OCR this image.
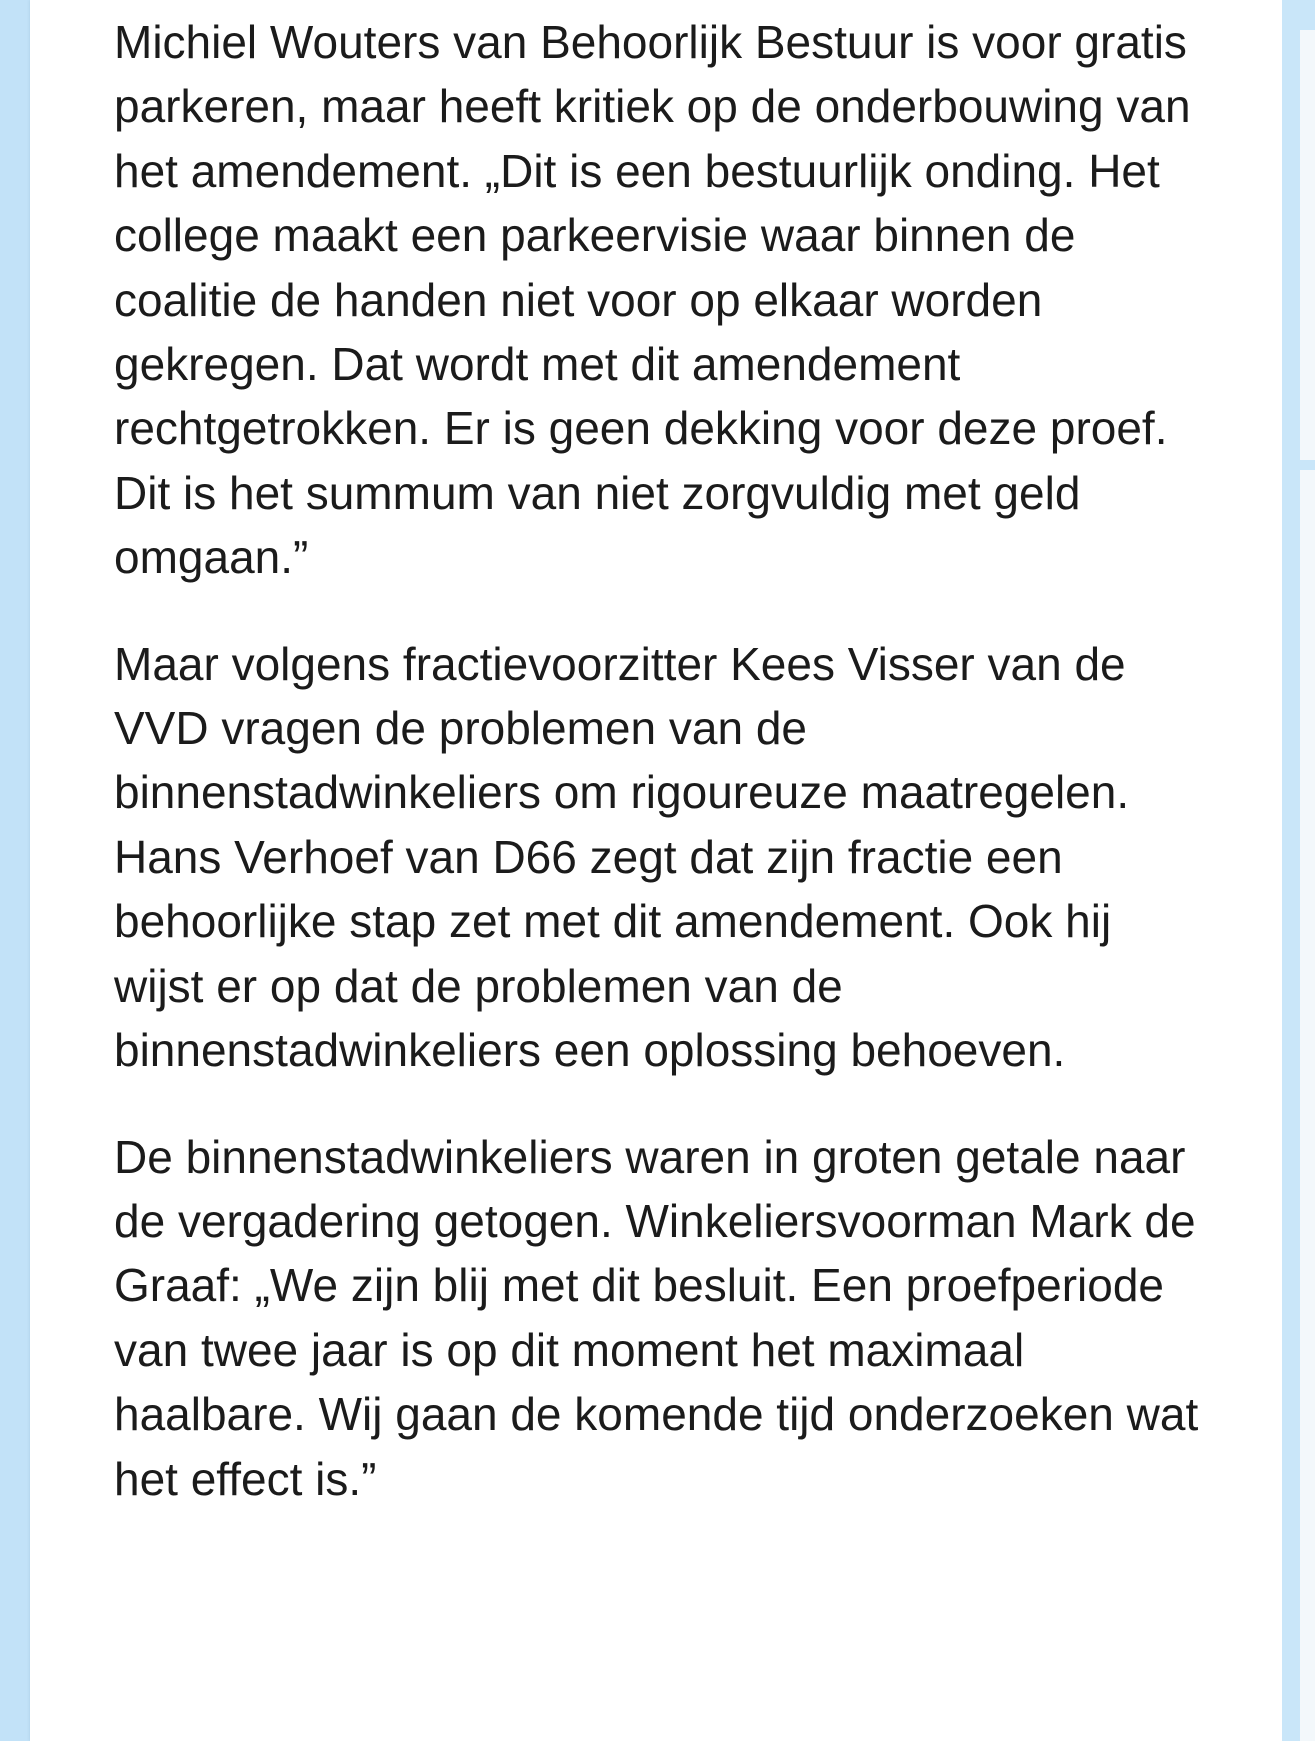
Michiel Wouters van Behoorlijk Bestuur is voor gratis parkeren, maar heeft kritiek op de onderbouwing van het amendement. „Dit is een bestuurlijk onding. Het college maakt een parkeervisie waar binnen de coalitie de handen niet voor op elkaar worden gekregen. Dat wordt met dit amendement rechtgetrokken. Er is geen dekking voor deze proef. Dit is het summum van niet zorgvuldig met geld omgaan.”

Maar volgens fractievoorzitter Kees Visser van de VVD vragen de problemen van de binnenstadwinkeliers om rigoureuze maatregelen. Hans Verhoef van D66 zegt dat zijn fractie een behoorlijke stap zet met dit amendement. Ook hij wijst er op dat de problemen van de binnenstadwinkeliers een oplossing behoeven.

De binnenstadwinkeliers waren in groten getale naar de vergadering getogen. Winkeliersvoorman Mark de Graaf: „We zijn blij met dit besluit. Een proefperiode van twee jaar is op dit moment het maximaal haalbare. Wij gaan de komende tijd onderzoeken wat het effect is.”
